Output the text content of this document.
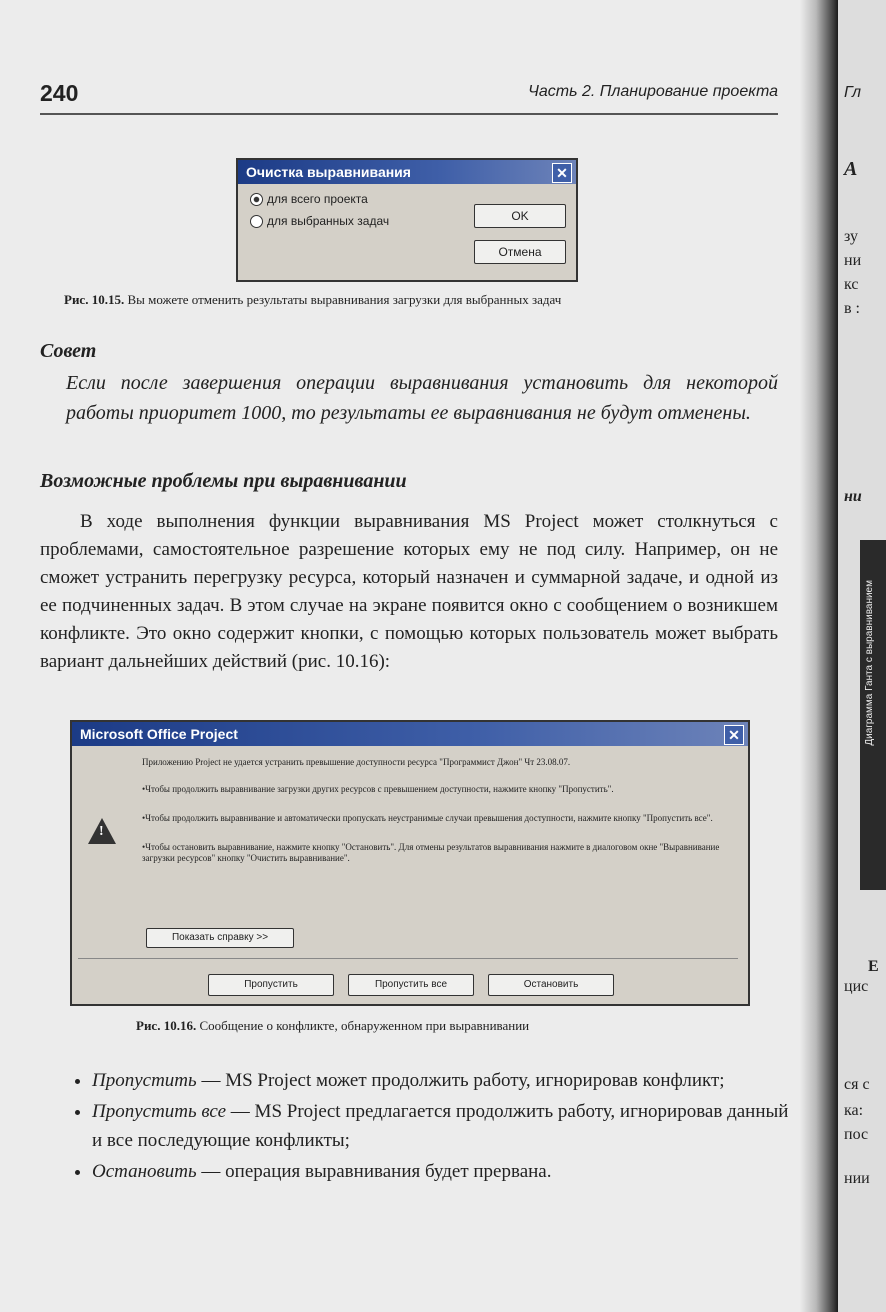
240	Часть 2. Планирование проекта
Очистка выравнивания	✕
для всего проекта
для выбранных задач	OK
Отмена
Рис. 10.15. Вы можете отменить результаты выравнивания загрузки для выбранных задач
Совет
Если после завершения операции выравнивания установить для некоторой работы приоритет 1000, то результаты ее выравнивания не будут отменены.
Возможные проблемы при выравнивании
В ходе выполнения функции выравнивания MS Project может столкнуться с проблемами, самостоятельное разрешение которых ему не под силу. Например, он не сможет устранить перегрузку ресурса, который назначен и суммарной задаче, и одной из ее подчиненных задач. В этом случае на экране появится окно с сообщением о возникшем конфликте. Это окно содержит кнопки, с помощью которых пользователь может выбрать вариант дальнейших действий (рис. 10.16):
Microsoft Office Project	✕
Показать справку >>
Пропустить	Пропустить все	Остановить
!
Приложению Project не удается устранить превышение доступности ресурса "Программист Джон" Чт 23.08.07.
•Чтобы продолжить выравнивание загрузки других ресурсов с превышением доступности, нажмите кнопку "Пропустить".
•Чтобы продолжить выравнивание и автоматически пропускать неустранимые случаи превышения доступности, нажмите кнопку "Пропустить все".
•Чтобы остановить выравнивание, нажмите кнопку "Остановить". Для отмены результатов выравнивания нажмите в диалоговом окне "Выравнивание загрузки ресурсов" кнопку "Очистить выравнивание".
Рис. 10.16. Сообщение о конфликте, обнаруженном при выравнивании
• Пропустить — MS Project может продолжить работу, игнорировав конфликт;
• Пропустить все — MS Project предлагается продолжить работу, игнорировав данный и все последующие конфликты;
• Остановить — операция выравнивания будет прервана.
Гл
А
зу
ни
кс
в :
ни
Диаграмма Ганта с выравниванием
Е
цис
ся с
ка:
пос
нии
